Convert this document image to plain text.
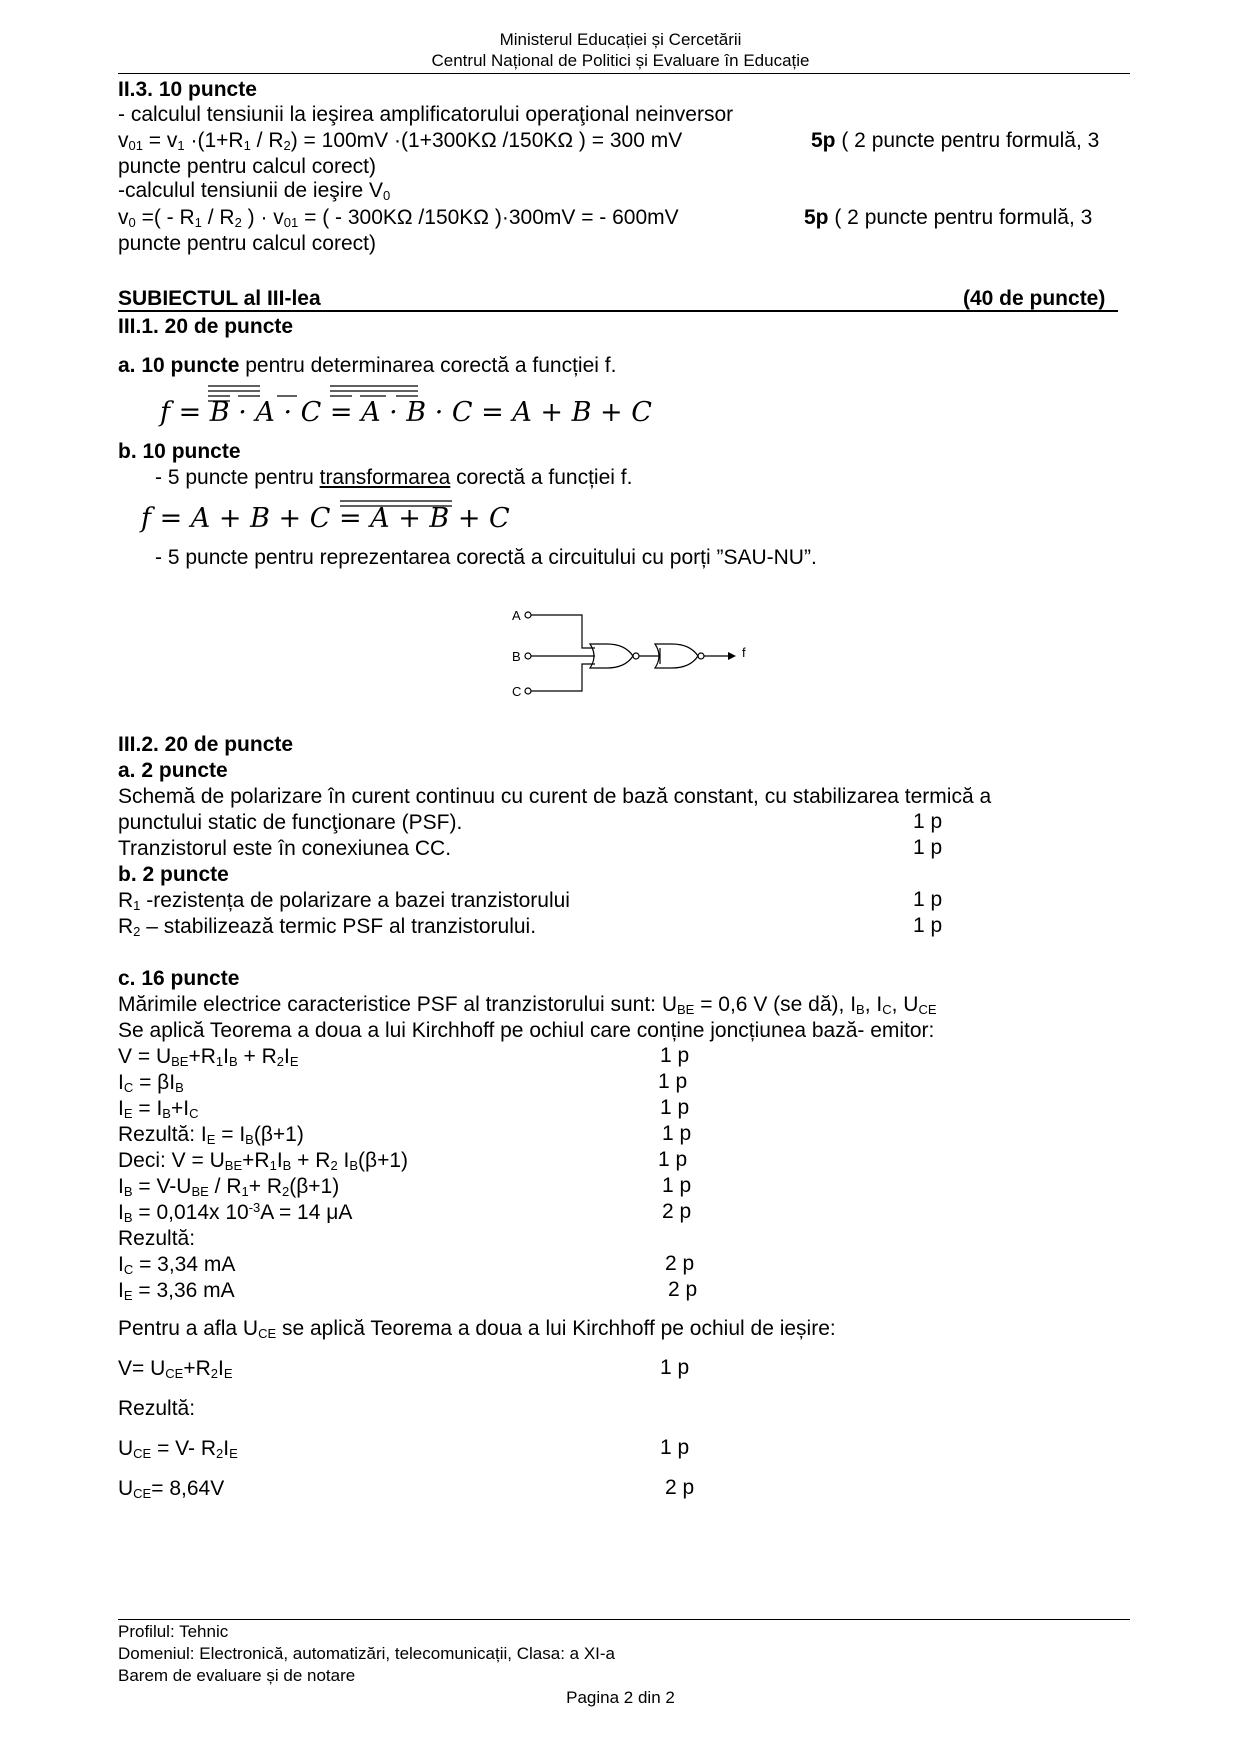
Ministerul Educației și Cercetării
Centrul Național de Politici și Evaluare în Educație
II.3. 10 puncte
- calculul tensiunii la ieşirea amplificatorului operaţional neinversor
$v_{01} = v_1 \cdot(1+R_1 / R_2) = 100mV \cdot(1+300K\Omega$ /150KΩ ) = 300 mV	5p ( 2 puncte pentru formulă, 3
puncte pentru calcul corect)
-calculul tensiunii de ieşire $V_0$
$v_0$ =( - $R_1 / R_2$ ) · $v_{01}$ = ( - 300KΩ /150KΩ )·300mV = - 600mV	5p ( 2 puncte pentru formulă, 3
puncte pentru calcul corect)
SUBIECTUL al III-lea	(40 de puncte)
III.1. 20 de puncte
a. 10 puncte pentru determinarea corectă a funcției f.
f = B · A · C = A · B · C = A + B + C
b. 10 puncte
- 5 puncte pentru transformarea corectă a funcției f.
f = A + B + C = A + B + C
- 5 puncte pentru reprezentarea corectă a circuitului cu porți ”SAU-NU”.
A
B
C
f
III.2. 20 de puncte
a. 2 puncte
Schemă de polarizare în curent continuu cu curent de bază constant, cu stabilizarea termică a
punctului static de funcţionare (PSF).	1 p
Tranzistorul este în conexiunea CC.	1 p
b. 2 puncte
$R_1$ -rezistența de polarizare a bazei tranzistorului	1 p
$R_2$ – stabilizează termic PSF al tranzistorului.	1 p
c. 16 puncte
Mărimile electrice caracteristice PSF al tranzistorului sunt: $U_{BE} = 0,6$ V (se dă), $I_B$, $I_C$, $U_{CE}$
Se aplică Teorema a doua a lui Kirchhoff pe ochiul care conține joncțiunea bază- emitor:
$V = U_{BE}+R_1I_B + R_2I_E$	1 p
$I_C = \beta I_B$	1 p
$I_E = I_B+I_C$	1 p
Rezultă: $I_E = I_B(\beta+1)$	1 p
Deci: $V = U_{BE}+R_1I_B + R_2$ $I_B(\beta+1)$	1 p
$I_B = V-U_{BE} / R_1+ R_2(\beta+1)$	1 p
$I_B = 0,014x$ $10^{-3}A = 14$ μA	2 p
Rezultă:
$I_C = 3,34$ mA	2 p
$I_E = 3,36$ mA	2 p
Pentru a afla $U_{CE}$ se aplică Teorema a doua a lui Kirchhoff pe ochiul de ieșire:
$V= U_{CE}+R_2I_E$	1 p
Rezultă:
$U_{CE} = V-$ $R_2I_E$	1 p
$U_{CE}= 8,64V$	2 p
Profilul: Tehnic
Domeniul: Electronică, automatizări, telecomunicații, Clasa: a XI-a
Barem de evaluare și de notare
Pagina 2 din 2
